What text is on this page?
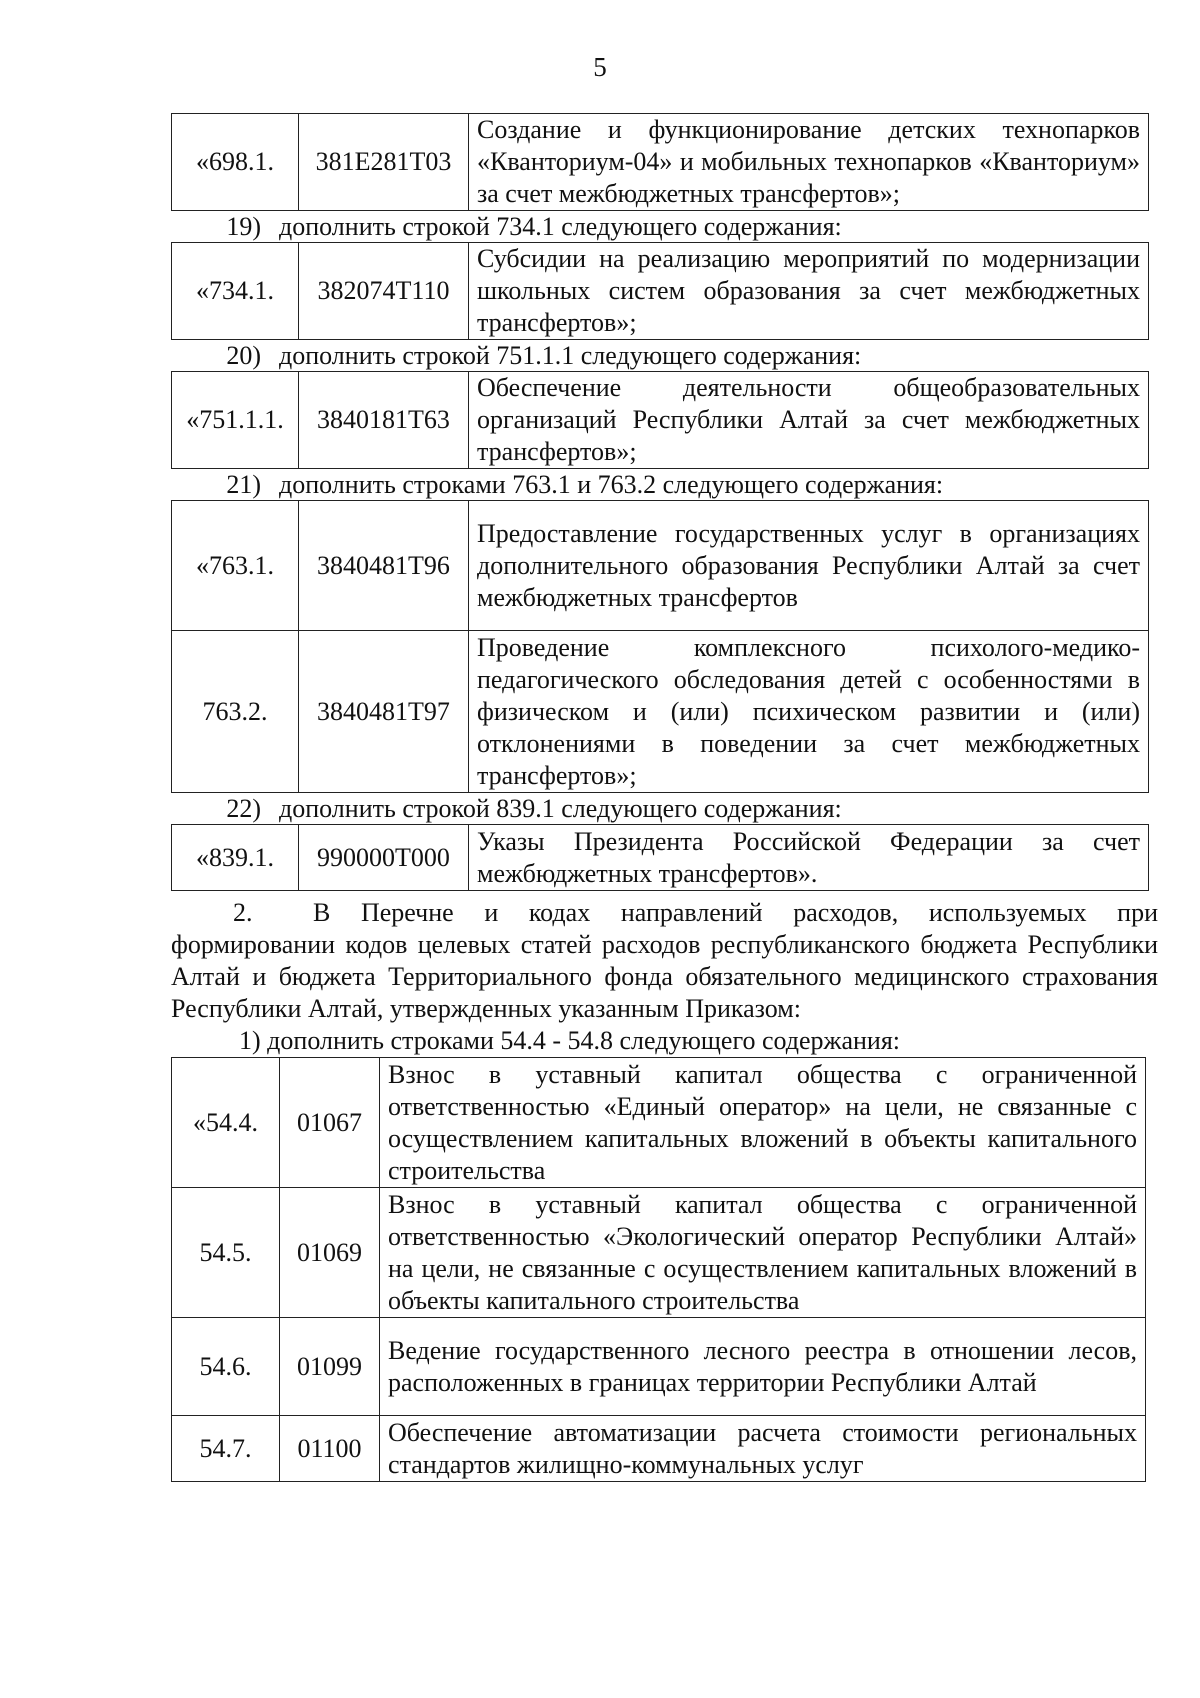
5
«698.1.	381Е281Т03	Создание и функционирование детских технопарков «Кванториум-04» и мобильных технопарков «Кванториум» за счет межбюджетных трансфертов»;
19) дополнить строкой 734.1 следующего содержания:
«734.1.	382074Т110	Субсидии на реализацию мероприятий по модернизации школьных систем образования за счет межбюджетных трансфертов»;
20) дополнить строкой 751.1.1 следующего содержания:
«751.1.1.	3840181Т63	Обеспечение деятельности общеобразовательных организаций Республики Алтай за счет межбюджетных трансфертов»;
21) дополнить строками 763.1 и 763.2 следующего содержания:
«763.1.	3840481Т96	Предоставление государственных услуг в организациях дополнительного образования Республики Алтай за счет межбюджетных трансфертов
763.2.	3840481Т97	Проведение комплексного психолого-медико-педагогического обследования детей с особенностями в физическом и (или) психическом развитии и (или) отклонениями в поведении за счет межбюджетных трансфертов»;
22) дополнить строкой 839.1 следующего содержания:
«839.1.	990000Т000	Указы Президента Российской Федерации за счет межбюджетных трансфертов».
2. В Перечне и кодах направлений расходов, используемых при формировании кодов целевых статей расходов республиканского бюджета Республики Алтай и бюджета Территориального фонда обязательного медицинского страхования Республики Алтай, утвержденных указанным Приказом:
1) дополнить строками 54.4 - 54.8 следующего содержания:
«54.4.	01067	Взнос в уставный капитал общества с ограниченной ответственностью «Единый оператор» на цели, не связанные с осуществлением капитальных вложений в объекты капитального строительства
54.5.	01069	Взнос в уставный капитал общества с ограниченной ответственностью «Экологический оператор Республики Алтай» на цели, не связанные с осуществлением капитальных вложений в объекты капитального строительства
54.6.	01099	Ведение государственного лесного реестра в отношении лесов, расположенных в границах территории Республики Алтай
54.7.	01100	Обеспечение автоматизации расчета стоимости региональных стандартов жилищно-коммунальных услуг
